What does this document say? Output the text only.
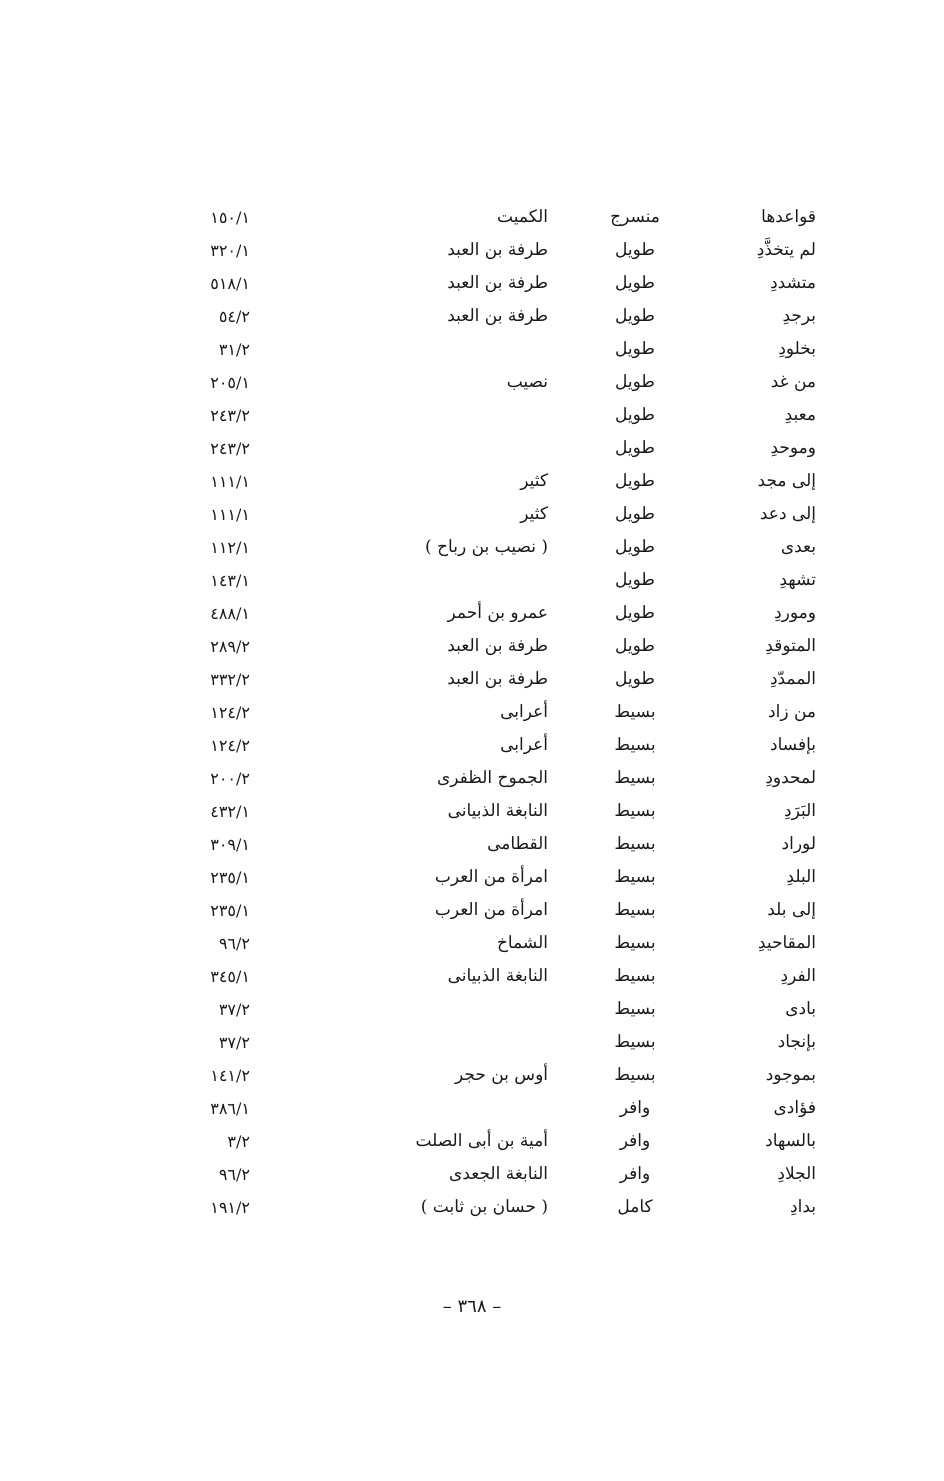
قواعدها
منسرج
الكميت
١٥٠/١
لم يتخذَّدِ
طويل
طرفة بن العبد
٣٢٠/١
متشددِ
طويل
طرفة بن العبد
٥١٨/١
برجدِ
طويل
طرفة بن العبد
٥٤/٢
بخلودِ
طويل
٣١/٢
من غد
طويل
نصيب
٢٠٥/١
معبدِ
طويل
٢٤٣/٢
وموحدِ
طويل
٢٤٣/٢
إلى مجد
طويل
كثير
١١١/١
إلى دعد
طويل
كثير
١١١/١
بعدى
طويل
( نصيب بن رباح )
١١٢/١
تشهدِ
طويل
١٤٣/١
وموردِ
طويل
عمرو بن أحمر
٤٨٨/١
المتوقدِ
طويل
طرفة بن العبد
٢٨٩/٢
الممدّدِ
طويل
طرفة بن العبد
٣٣٢/٢
من زاد
بسيط
أعرابى
١٢٤/٢
بإفساد
بسيط
أعرابى
١٢٤/٢
لمحدودِ
بسيط
الجموح الظفرى
٢٠٠/٢
البَرَدِ
بسيط
النابغة الذبيانى
٤٣٢/١
لوراد
بسيط
القطامى
٣٠٩/١
البلدِ
بسيط
امرأة من العرب
٢٣٥/١
إلى بلد
بسيط
امرأة من العرب
٢٣٥/١
المقاحيدِ
بسيط
الشماخ
٩٦/٢
الفردِ
بسيط
النابغة الذبيانى
٣٤٥/١
بادى
بسيط
٣٧/٢
بإنجاد
بسيط
٣٧/٢
بموجود
بسيط
أوس بن حجر
١٤١/٢
فؤادى
وافر
٣٨٦/١
بالسهاد
وافر
أمية بن أبى الصلت
٣/٢
الجلادِ
وافر
النابغة الجعدى
٩٦/٢
بدادِ
كامل
( حسان بن ثابت )
١٩١/٢
– ٣٦٨ –
